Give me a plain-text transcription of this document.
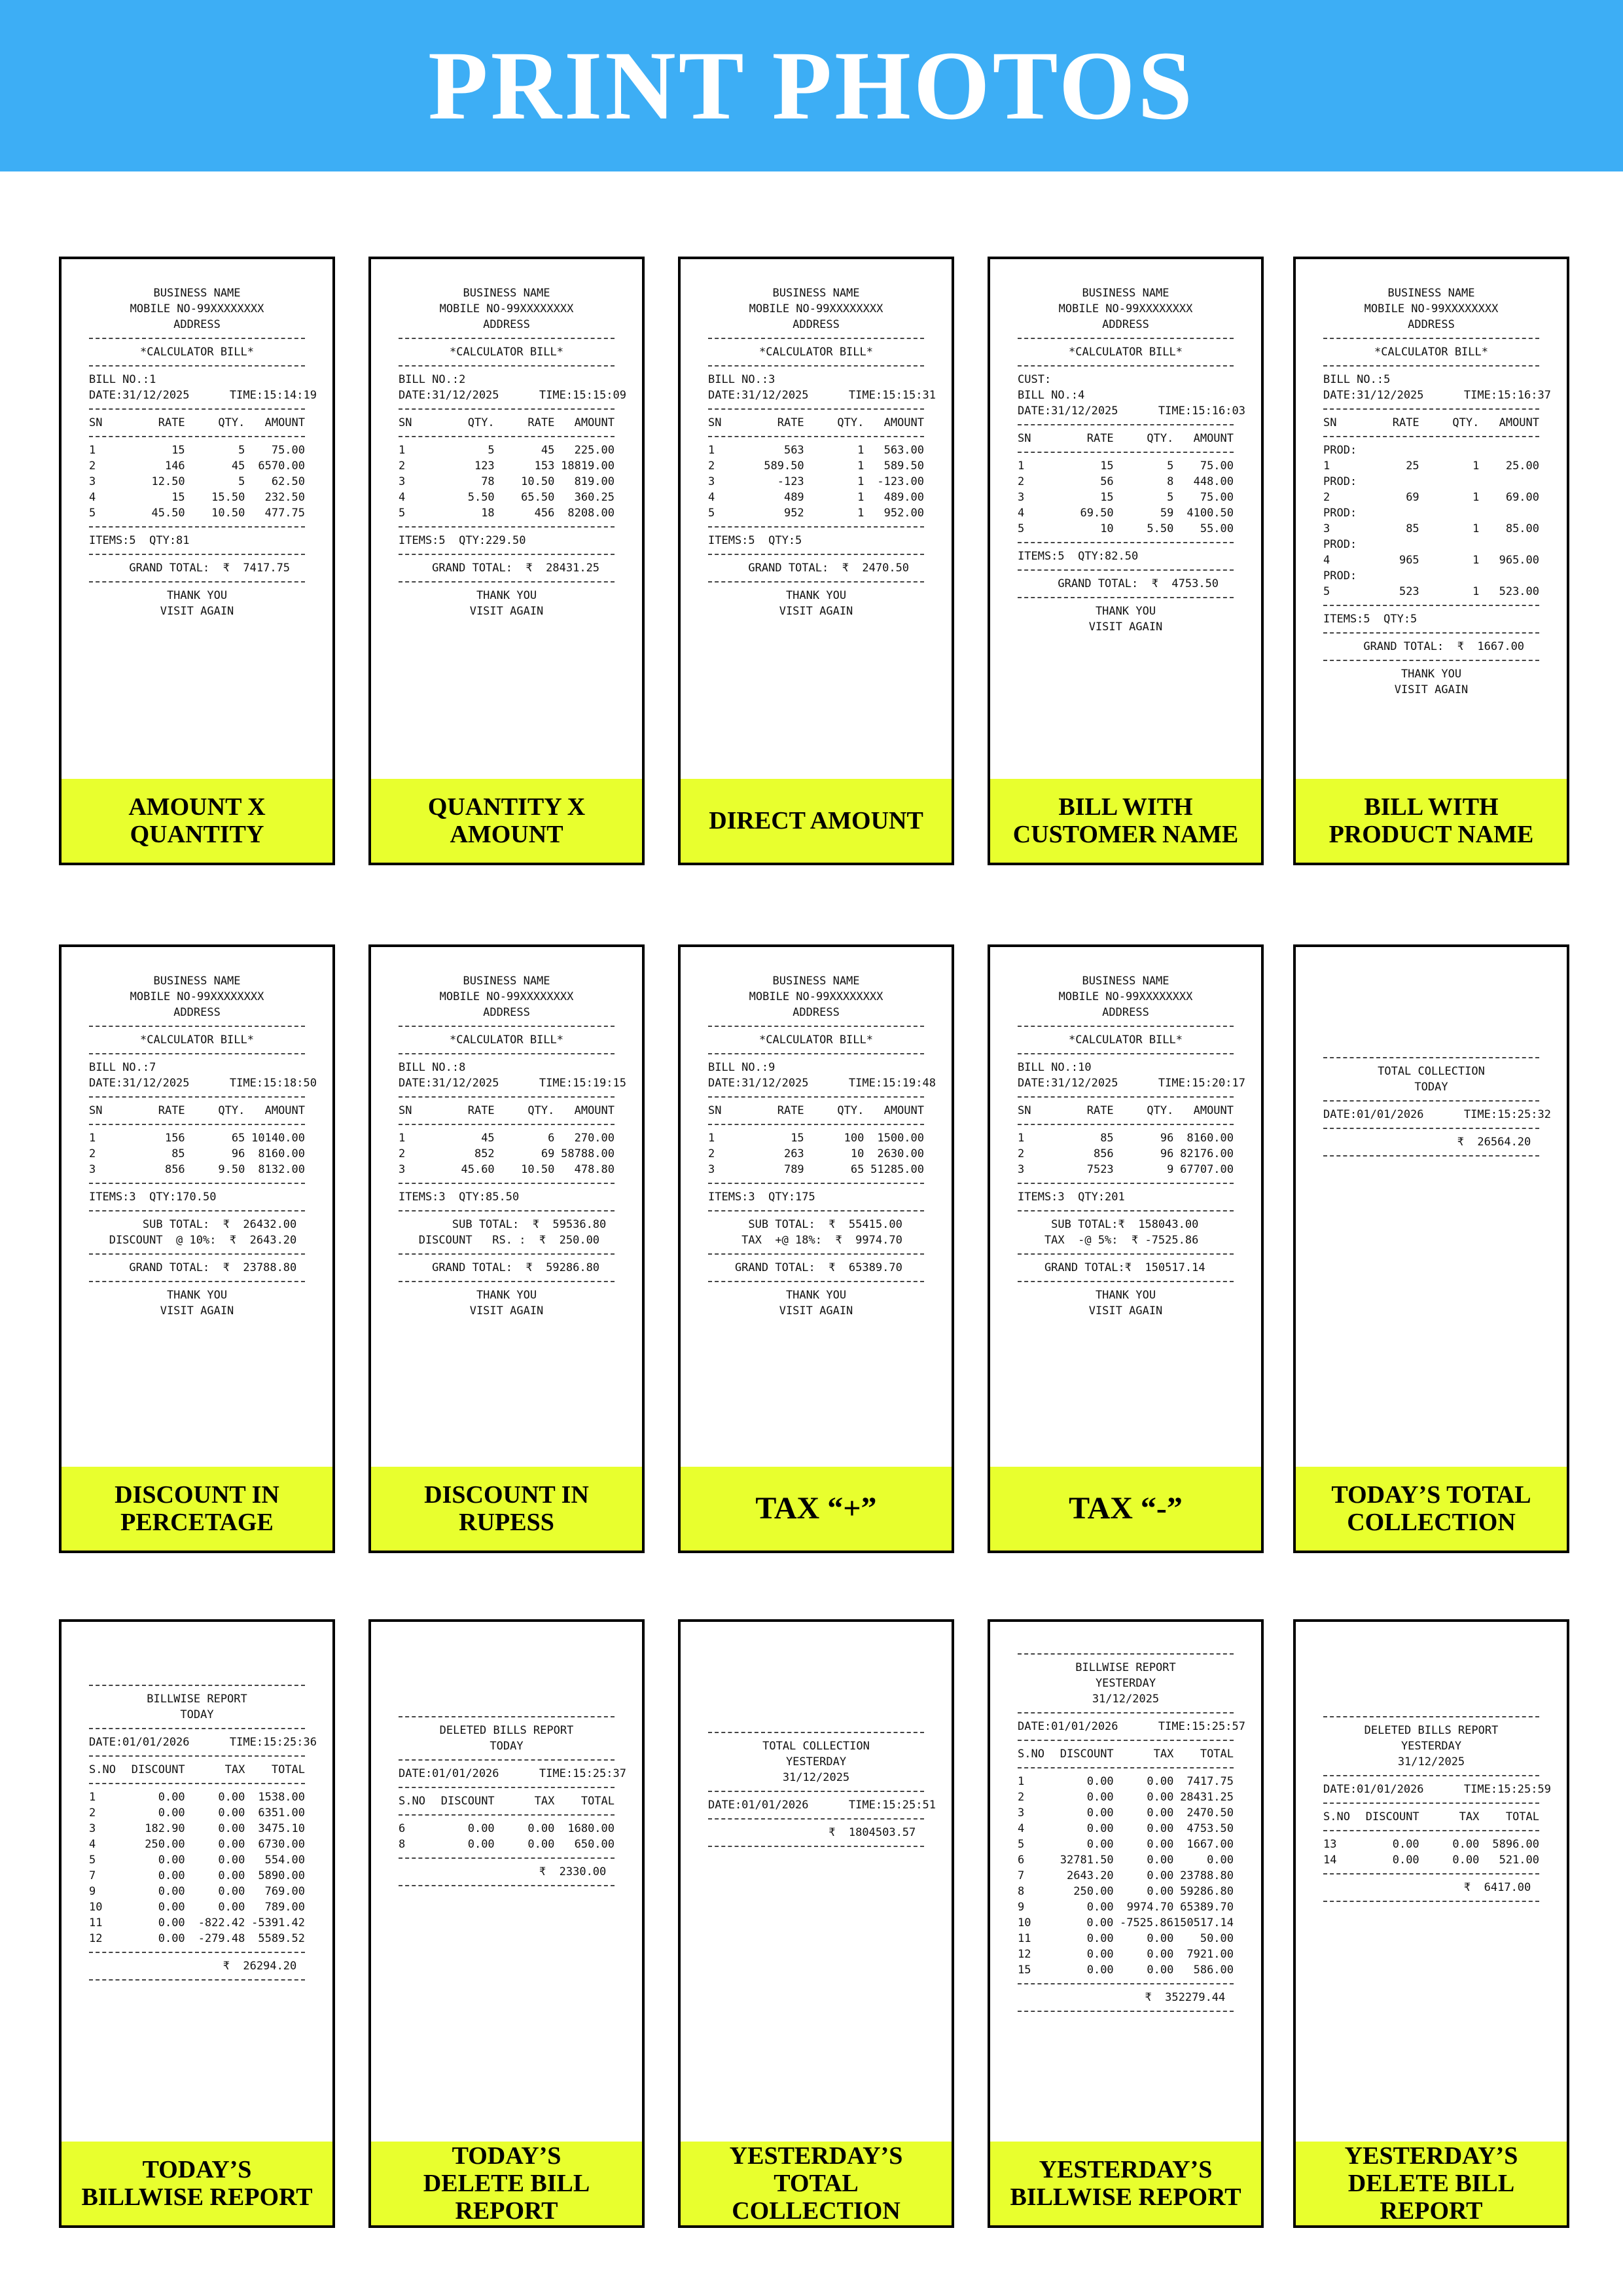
PRINT PHOTOS
BUSINESS NAME
MOBILE NO-99XXXXXXXX
ADDRESS
*CALCULATOR BILL*
BILL NO.:1
DATE:31/12/2025      TIME:15:14:19
SN	RATE	QTY.	AMOUNT
1	15	5	75.00
2	146	45	6570.00
3	12.50	5	62.50
4	15	15.50	232.50
5	45.50	10.50	477.75
ITEMS:5  QTY:81
GRAND TOTAL:  ₹  7417.75
THANK YOU
VISIT AGAIN
AMOUNT X QUANTITY
BUSINESS NAME
MOBILE NO-99XXXXXXXX
ADDRESS
*CALCULATOR BILL*
BILL NO.:2
DATE:31/12/2025      TIME:15:15:09
SN	QTY.	RATE	AMOUNT
1	5	45	225.00
2	123	153 18819.00
3	78	10.50	819.00
4	5.50	65.50	360.25
5	18	456	8208.00
ITEMS:5  QTY:229.50
GRAND TOTAL:  ₹  28431.25
THANK YOU
VISIT AGAIN
QUANTITY X AMOUNT
BUSINESS NAME
MOBILE NO-99XXXXXXXX
ADDRESS
*CALCULATOR BILL*
BILL NO.:3
DATE:31/12/2025      TIME:15:15:31
SN	RATE	QTY.	AMOUNT
1	563	1	563.00
2	589.50	1	589.50
3	-123	1	-123.00
4	489	1	489.00
5	952	1	952.00
ITEMS:5  QTY:5
GRAND TOTAL:  ₹  2470.50
THANK YOU
VISIT AGAIN
DIRECT AMOUNT
BUSINESS NAME
MOBILE NO-99XXXXXXXX
ADDRESS
*CALCULATOR BILL*
CUST:
BILL NO.:4
DATE:31/12/2025      TIME:15:16:03
SN	RATE	QTY.	AMOUNT
1	15	5	75.00
2	56	8	448.00
3	15	5	75.00
4	69.50	59	4100.50
5	10	5.50	55.00
ITEMS:5  QTY:82.50
GRAND TOTAL:  ₹  4753.50
THANK YOU
VISIT AGAIN
BILL WITH
CUSTOMER NAME
BUSINESS NAME
MOBILE NO-99XXXXXXXX
ADDRESS
*CALCULATOR BILL*
BILL NO.:5
DATE:31/12/2025      TIME:15:16:37
SN	RATE	QTY.	AMOUNT
PROD:
1	25	1	25.00
PROD:
2	69	1	69.00
PROD:
3	85	1	85.00
PROD:
4	965	1	965.00
PROD:
5	523	1	523.00
ITEMS:5  QTY:5
GRAND TOTAL:  ₹  1667.00
THANK YOU
VISIT AGAIN
BILL WITH
PRODUCT NAME
BUSINESS NAME
MOBILE NO-99XXXXXXXX
ADDRESS
*CALCULATOR BILL*
BILL NO.:7
DATE:31/12/2025      TIME:15:18:50
SN	RATE	QTY.	AMOUNT
1	156	65 10140.00
2	85	96	8160.00
3	856	9.50	8132.00
ITEMS:3  QTY:170.50
SUB TOTAL:  ₹  26432.00
DISCOUNT  @ 10%:  ₹  2643.20
GRAND TOTAL:  ₹  23788.80
THANK YOU
VISIT AGAIN
DISCOUNT IN
PERCETAGE
BUSINESS NAME
MOBILE NO-99XXXXXXXX
ADDRESS
*CALCULATOR BILL*
BILL NO.:8
DATE:31/12/2025      TIME:15:19:15
SN	RATE	QTY.	AMOUNT
1	45	6	270.00
2	852	69 58788.00
3	45.60	10.50	478.80
ITEMS:3  QTY:85.50
SUB TOTAL:  ₹  59536.80
DISCOUNT   RS. :  ₹  250.00
GRAND TOTAL:  ₹  59286.80
THANK YOU
VISIT AGAIN
DISCOUNT IN
RUPESS
BUSINESS NAME
MOBILE NO-99XXXXXXXX
ADDRESS
*CALCULATOR BILL*
BILL NO.:9
DATE:31/12/2025      TIME:15:19:48
SN	RATE	QTY.	AMOUNT
1	15	100	1500.00
2	263	10	2630.00
3	789	65 51285.00
ITEMS:3  QTY:175
SUB TOTAL:  ₹  55415.00
TAX  +@ 18%:  ₹  9974.70
GRAND TOTAL:  ₹  65389.70
THANK YOU
VISIT AGAIN
TAX “+”
BUSINESS NAME
MOBILE NO-99XXXXXXXX
ADDRESS
*CALCULATOR BILL*
BILL NO.:10
DATE:31/12/2025      TIME:15:20:17
SN	RATE	QTY.	AMOUNT
1	85	96	8160.00
2	856	96 82176.00
3	7523	9 67707.00
ITEMS:3  QTY:201
SUB TOTAL:₹  158043.00
TAX  -@ 5%:  ₹ -7525.86
GRAND TOTAL:₹  150517.14
THANK YOU
VISIT AGAIN
TAX “-”
TOTAL COLLECTION
TODAY
DATE:01/01/2026      TIME:15:25:32
₹  26564.20
TODAY’S TOTAL
COLLECTION
BILLWISE REPORT
TODAY
DATE:01/01/2026      TIME:15:25:36
S.NO	DISCOUNT	TAX	TOTAL
1	0.00	0.00	1538.00
2	0.00	0.00	6351.00
3	182.90	0.00	3475.10
4	250.00	0.00	6730.00
5	0.00	0.00	554.00
7	0.00	0.00	5890.00
9	0.00	0.00	769.00
10	0.00	0.00	789.00
11	0.00	-822.42 -5391.42
12	0.00	-279.48	5589.52
₹  26294.20
TODAY’S
BILLWISE REPORT
DELETED BILLS REPORT
TODAY
DATE:01/01/2026      TIME:15:25:37
S.NO	DISCOUNT	TAX	TOTAL
6	0.00	0.00	1680.00
8	0.00	0.00	650.00
₹  2330.00
TODAY’S
DELETE BILL REPORT
TOTAL COLLECTION
YESTERDAY
31/12/2025
DATE:01/01/2026      TIME:15:25:51
₹  1804503.57
YESTERDAY’S TOTAL
COLLECTION
BILLWISE REPORT
YESTERDAY
31/12/2025
DATE:01/01/2026      TIME:15:25:57
S.NO	DISCOUNT	TAX	TOTAL
1	0.00	0.00	7417.75
2	0.00	0.00 28431.25
3	0.00	0.00	2470.50
4	0.00	0.00	4753.50
5	0.00	0.00	1667.00
6	32781.50	0.00	0.00
7	2643.20	0.00 23788.80
8	250.00	0.00 59286.80
9	0.00	9974.70 65389.70
10	0.00 -7525.86 150517.14
11	0.00	0.00	50.00
12	0.00	0.00	7921.00
15	0.00	0.00	586.00
₹  352279.44
YESTERDAY’S
BILLWISE REPORT
DELETED BILLS REPORT
YESTERDAY
31/12/2025
DATE:01/01/2026      TIME:15:25:59
S.NO	DISCOUNT	TAX	TOTAL
13	0.00	0.00	5896.00
14	0.00	0.00	521.00
₹  6417.00
YESTERDAY’S
DELETE BILL REPORT
